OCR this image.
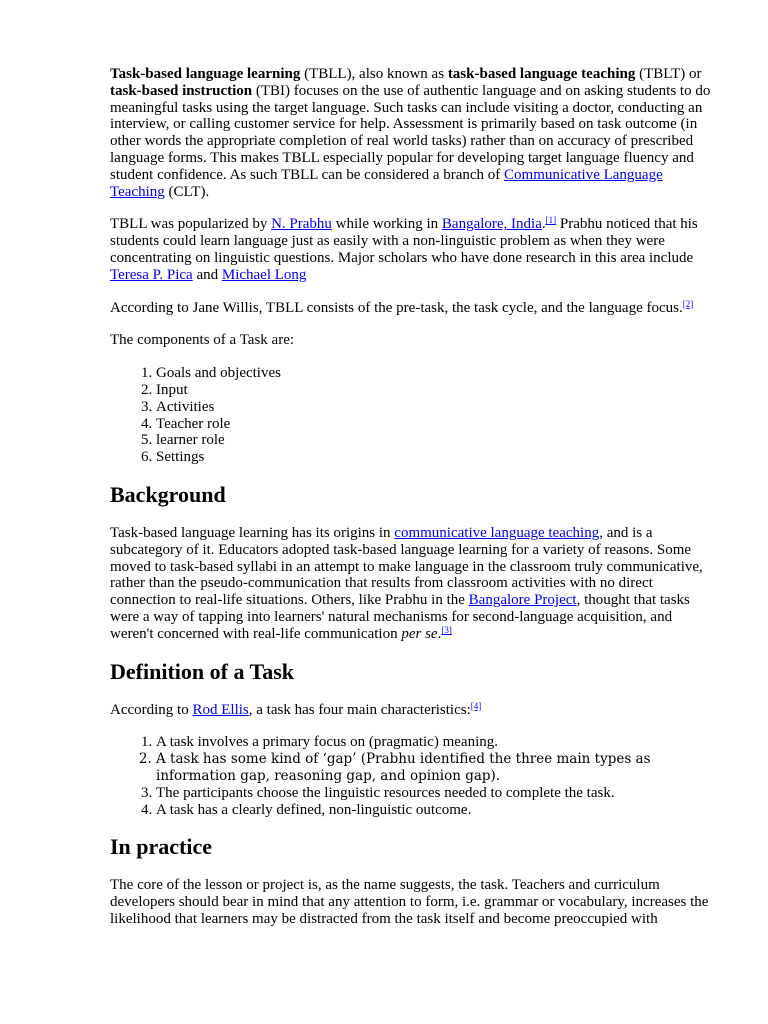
Task-based language learning (TBLL), also known as task-based language teaching (TBLT) or task-based instruction (TBI) focuses on the use of authentic language and on asking students to do meaningful tasks using the target language. Such tasks can include visiting a doctor, conducting an interview, or calling customer service for help. Assessment is primarily based on task outcome (in other words the appropriate completion of real world tasks) rather than on accuracy of prescribed language forms. This makes TBLL especially popular for developing target language fluency and student confidence. As such TBLL can be considered a branch of Communicative Language Teaching (CLT).

TBLL was popularized by N. Prabhu while working in Bangalore, India.[1] Prabhu noticed that his students could learn language just as easily with a non-linguistic problem as when they were concentrating on linguistic questions. Major scholars who have done research in this area include Teresa P. Pica and Michael Long

According to Jane Willis, TBLL consists of the pre-task, the task cycle, and the language focus.[2]

The components of a Task are:

1. Goals and objectives
2. Input
3. Activities
4. Teacher role
5. learner role
6. Settings
Background

Task-based language learning has its origins in communicative language teaching, and is a subcategory of it. Educators adopted task-based language learning for a variety of reasons. Some moved to task-based syllabi in an attempt to make language in the classroom truly communicative, rather than the pseudo-communication that results from classroom activities with no direct connection to real-life situations. Others, like Prabhu in the Bangalore Project, thought that tasks were a way of tapping into learners' natural mechanisms for second-language acquisition, and weren't concerned with real-life communication per se.[3]

Definition of a Task

According to Rod Ellis, a task has four main characteristics:[4]

1. A task involves a primary focus on (pragmatic) meaning.
2. A task has some kind of ‘gap’ (Prabhu identified the three main types as information gap, reasoning gap, and opinion gap).
3. The participants choose the linguistic resources needed to complete the task.
4. A task has a clearly defined, non-linguistic outcome.
In practice

The core of the lesson or project is, as the name suggests, the task. Teachers and curriculum developers should bear in mind that any attention to form, i.e. grammar or vocabulary, increases the likelihood that learners may be distracted from the task itself and become preoccupied with
